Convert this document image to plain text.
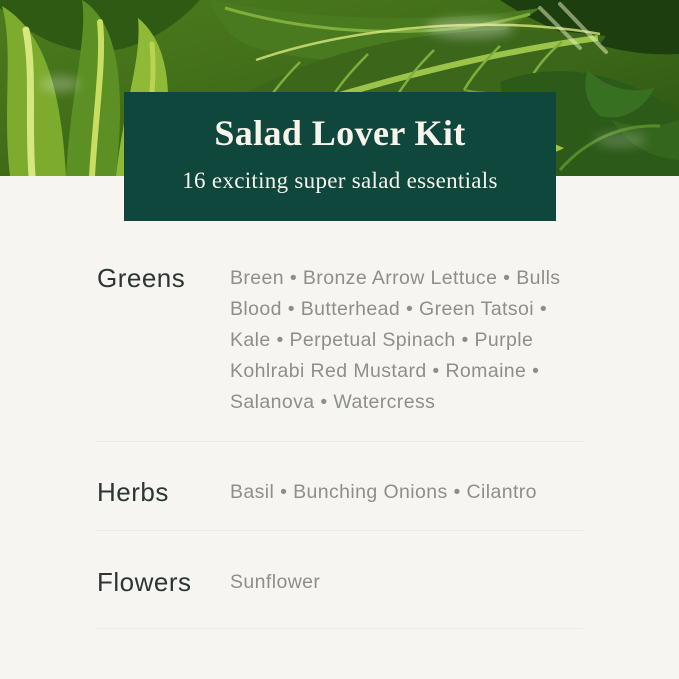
Salad Lover Kit

16 exciting super salad essentials

Greens	Breen • Bronze Arrow Lettuce • Bulls Blood • Butterhead • Green Tatsoi • Kale • Perpetual Spinach • Purple Kohlrabi Red Mustard • Romaine • Salanova • Watercress
Herbs	Basil • Bunching Onions • Cilantro
Flowers	Sunflower
